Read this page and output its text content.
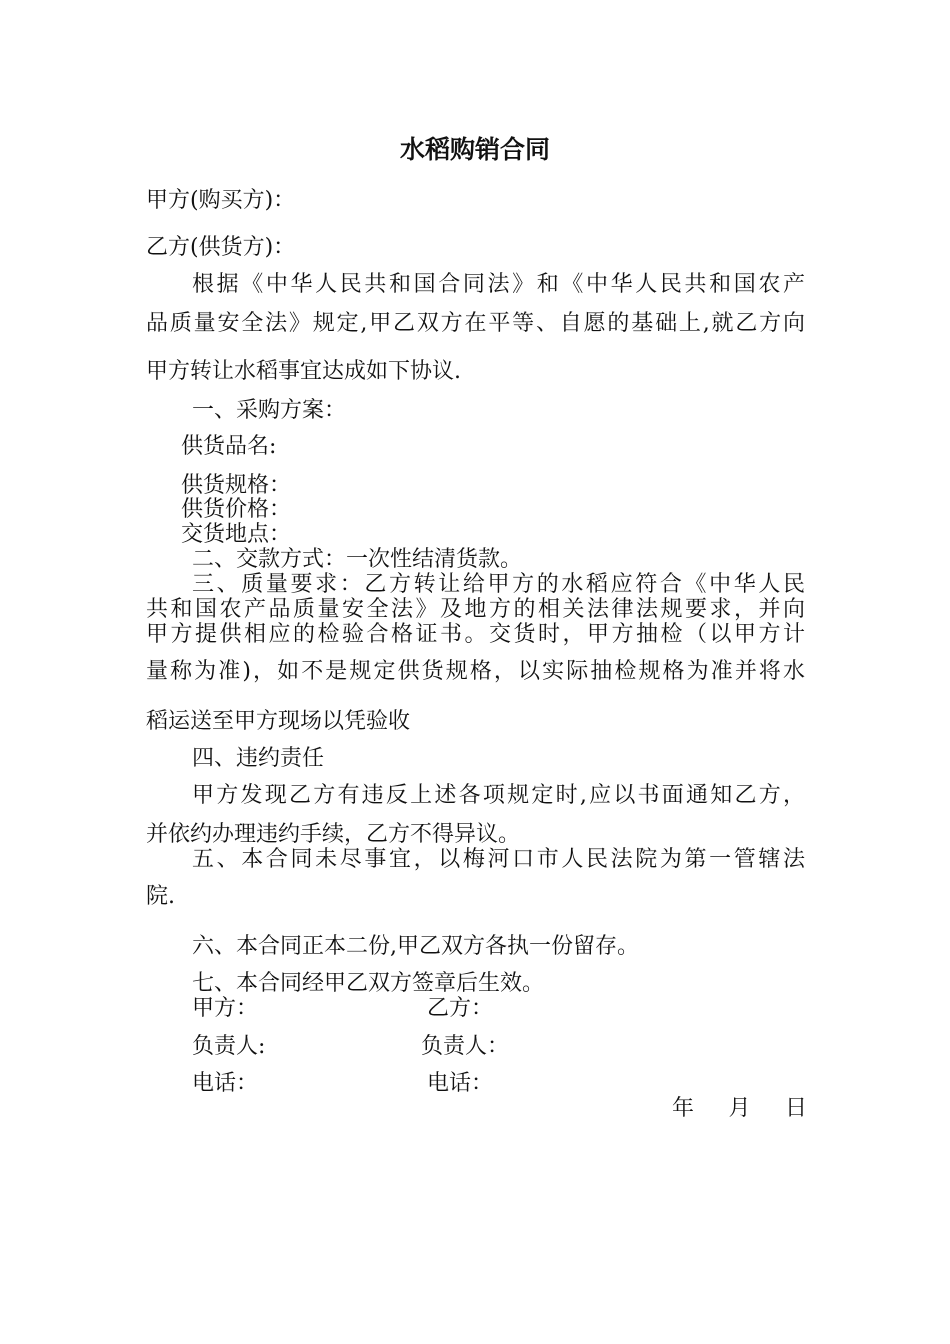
水稻购销合同
甲方(购买方)：
乙方(供货方)：
根据《中华人民共和国合同法》和《中华人民共和国农产
品质量安全法》规定,甲乙双方在平等、自愿的基础上,就乙方向
甲方转让水稻事宜达成如下协议.
一、采购方案：
供货品名:
供货规格：
供货价格：
交货地点：
二、交款方式：一次性结清货款。
三、质量要求：乙方转让给甲方的水稻应符合《中华人民
共和国农产品质量安全法》及地方的相关法律法规要求，并向
甲方提供相应的检验合格证书。交货时，甲方抽检（以甲方计
量称为准)，如不是规定供货规格，以实际抽检规格为准并将水
稻运送至甲方现场以凭验收
四、违约责任
甲方发现乙方有违反上述各项规定时,应以书面通知乙方，
并依约办理违约手续，乙方不得异议。
五、本合同未尽事宜，以梅河口市人民法院为第一管辖法
院.
六、本合同正本二份,甲乙双方各执一份留存。
七、本合同经甲乙双方签章后生效。
甲方：	乙方：
负责人:	负责人：
电话：	电话：
年 月 日
